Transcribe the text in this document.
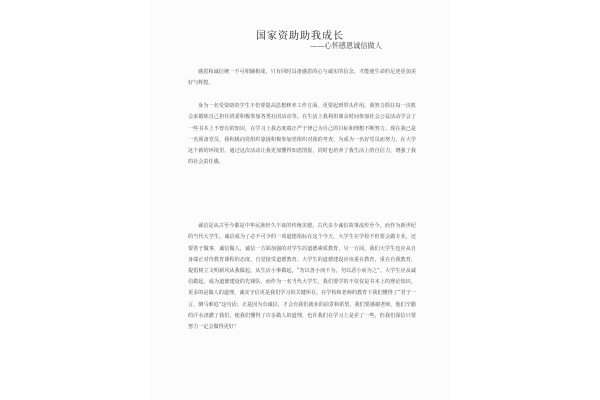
国家资助助我成长
——心怀感恩诚信做人

感恩和诚信统一不可相辅相成，只有同时具备感恩的心与诚实的信念，才能使生命的足迹更加美好与辉煌。

身为一名受资助的学生不但要提高思想修养工作方面，更要起到带头作用。我努力抓住每一次机会来锻炼自己担任班委积极参加各类社团活动等。在生活上我利用课余时间参加社会公益活动学会了一些书本上不曾有的知识，在学习上我态度端正严于律己为自己的目标和理想不断努力。现在我已是一名预备党员，我积极向党组织靠拢积极参加党组织对我的考查，为成为一名好党员而努力，在大学这个新的环境里，通过这次活动让我更加懂得知恩图报，同时也培养了我生活上的自信力，增强了我的社会责任感。

诚信是从古至今都是中华民族经久不衰的传统美德。古代多少诚信故事流传至今。而作为新世纪的当代大学生，诚信成为了必不可少的一项道德指标在这个今天，大学生在学校不但要会做专业，还要善于做事，诚信做人，诚信一方面加强的对学生的道德素质教育，另一方面，我们大学生也应从自身端正对待教育课程的态度，自觉接受道德教育。大学生的道德建设应该重在教育，重在自我教育，提倡树立文明新风从我做起，从生活小事做起，“勿以善小而不为，勿以恶小而为之”。大学生应从诚信做起，成为道德建设的先锋队，而作为一名当代大学生，我们要学的不仅仅是书本上的理论知识，更多的是做人的道理，诚实守信更是我们学习的关键所在，在学校和老师的教育下我们懂得了“君子一言，驷马难追”这句话；正是因为有诚信，才会有我们就业的前景和希望。我们要感谢老师，他们辛勤的汗水浇灌了我们，使我们懂得了许多做人的道理，也许我们在学习上是差了一些，但我们深信只要努力一定会做得更好！
